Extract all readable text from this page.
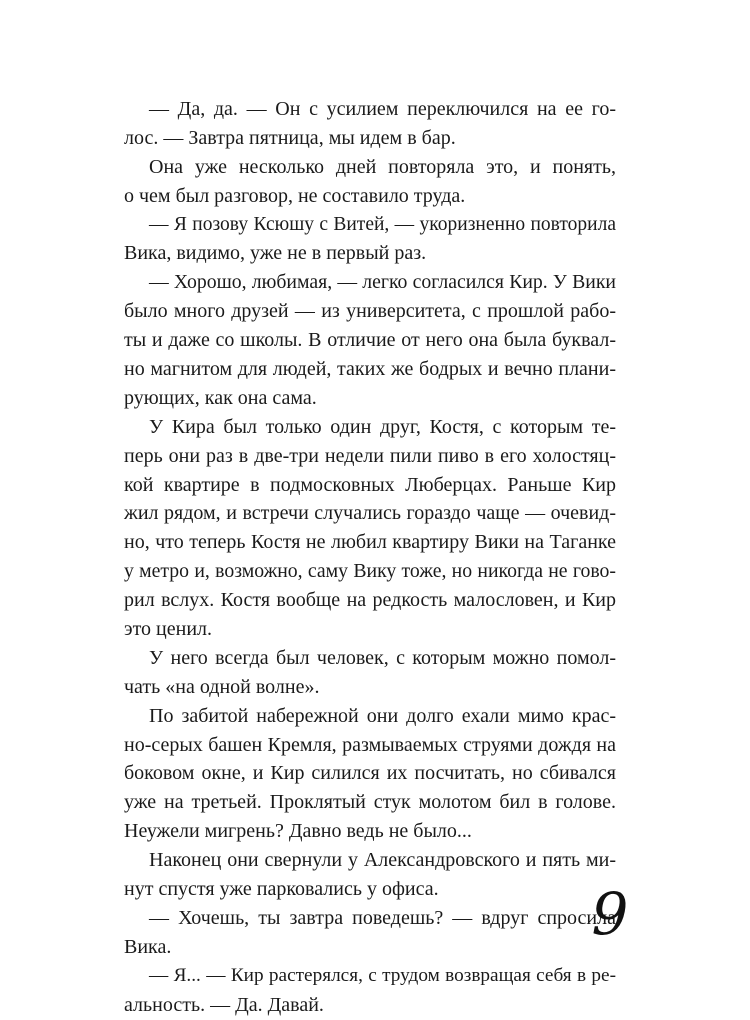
— Да, да. — Он с усилием переключился на ее го-
лос. — Завтра пятница, мы идем в бар.
Она уже несколько дней повторяла это, и понять,
о чем был разговор, не составило труда.
— Я позову Ксюшу с Витей, — укоризненно повторила
Вика, видимо, уже не в первый раз.
— Хорошо, любимая, — легко согласился Кир. У Вики
было много друзей — из университета, с прошлой рабо-
ты и даже со школы. В отличие от него она была буквал-
но магнитом для людей, таких же бодрых и вечно плани-
рующих, как она сама.
У Кира был только один друг, Костя, с которым те-
перь они раз в две-три недели пили пиво в его холостяц-
кой квартире в подмосковных Люберцах. Раньше Кир
жил рядом, и встречи случались гораздо чаще — очевид-
но, что теперь Костя не любил квартиру Вики на Таганке
у метро и, возможно, саму Вику тоже, но никогда не гово-
рил вслух. Костя вообще на редкость малословен, и Кир
это ценил.
У него всегда был человек, с которым можно помол-
чать «на одной волне».
По забитой набережной они долго ехали мимо крас-
но-серых башен Кремля, размываемых струями дождя на
боковом окне, и Кир силился их посчитать, но сбивался
уже на третьей. Проклятый стук молотом бил в голове.
Неужели мигрень? Давно ведь не было...
Наконец они свернули у Александровского и пять ми-
нут спустя уже парковались у офиса.
— Хочешь, ты завтра поведешь? — вдруг спросила
Вика.
— Я... — Кир растерялся, с трудом возвращая себя в ре-
альность. — Да. Давай.
9
